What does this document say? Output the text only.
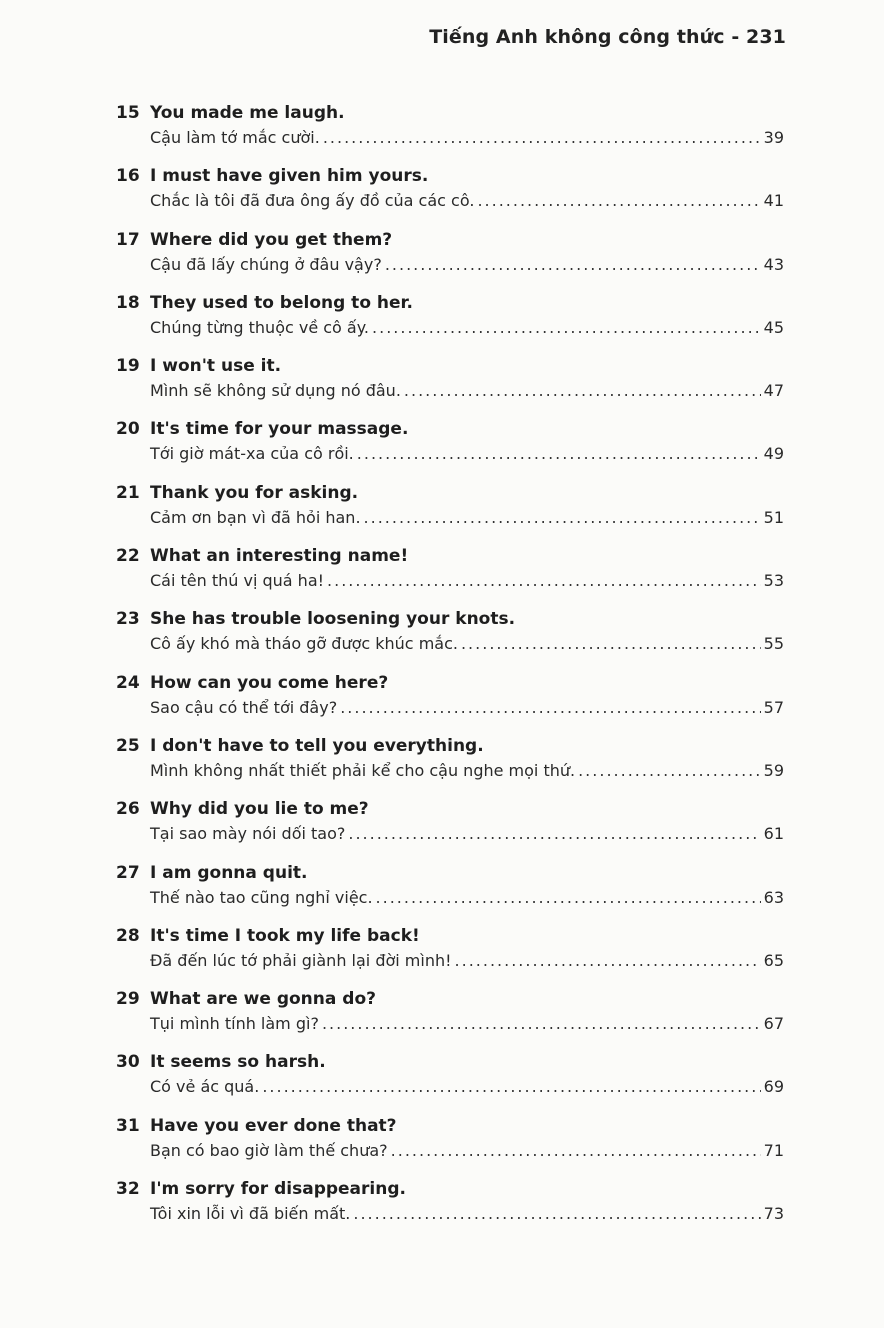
Tiếng Anh không công thức - 231
15 You made me laugh.
Cậu làm tớ mắc cười. .....	39
16 I must have given him yours.
Chắc là tôi đã đưa ông ấy đồ của các cô. .....	41
17 Where did you get them?
Cậu đã lấy chúng ở đâu vậy? .....	43
18 They used to belong to her.
Chúng từng thuộc về cô ấy. .....	45
19 I won't use it.
Mình sẽ không sử dụng nó đâu. .....	47
20 It's time for your massage.
Tới giờ mát-xa của cô rồi. .....	49
21 Thank you for asking.
Cảm ơn bạn vì đã hỏi han. .....	51
22 What an interesting name!
Cái tên thú vị quá ha! .....	53
23 She has trouble loosening your knots.
Cô ấy khó mà tháo gỡ được khúc mắc. .....	55
24 How can you come here?
Sao cậu có thể tới đây? .....	57
25 I don't have to tell you everything.
Mình không nhất thiết phải kể cho cậu nghe mọi thứ. .....	59
26 Why did you lie to me?
Tại sao mày nói dối tao? .....	61
27 I am gonna quit.
Thế nào tao cũng nghỉ việc. .....	63
28 It's time I took my life back!
Đã đến lúc tớ phải giành lại đời mình! .....	65
29 What are we gonna do?
Tụi mình tính làm gì? .....	67
30 It seems so harsh.
Có vẻ ác quá. .....	69
31 Have you ever done that?
Bạn có bao giờ làm thế chưa? .....	71
32 I'm sorry for disappearing.
Tôi xin lỗi vì đã biến mất. .....	73
